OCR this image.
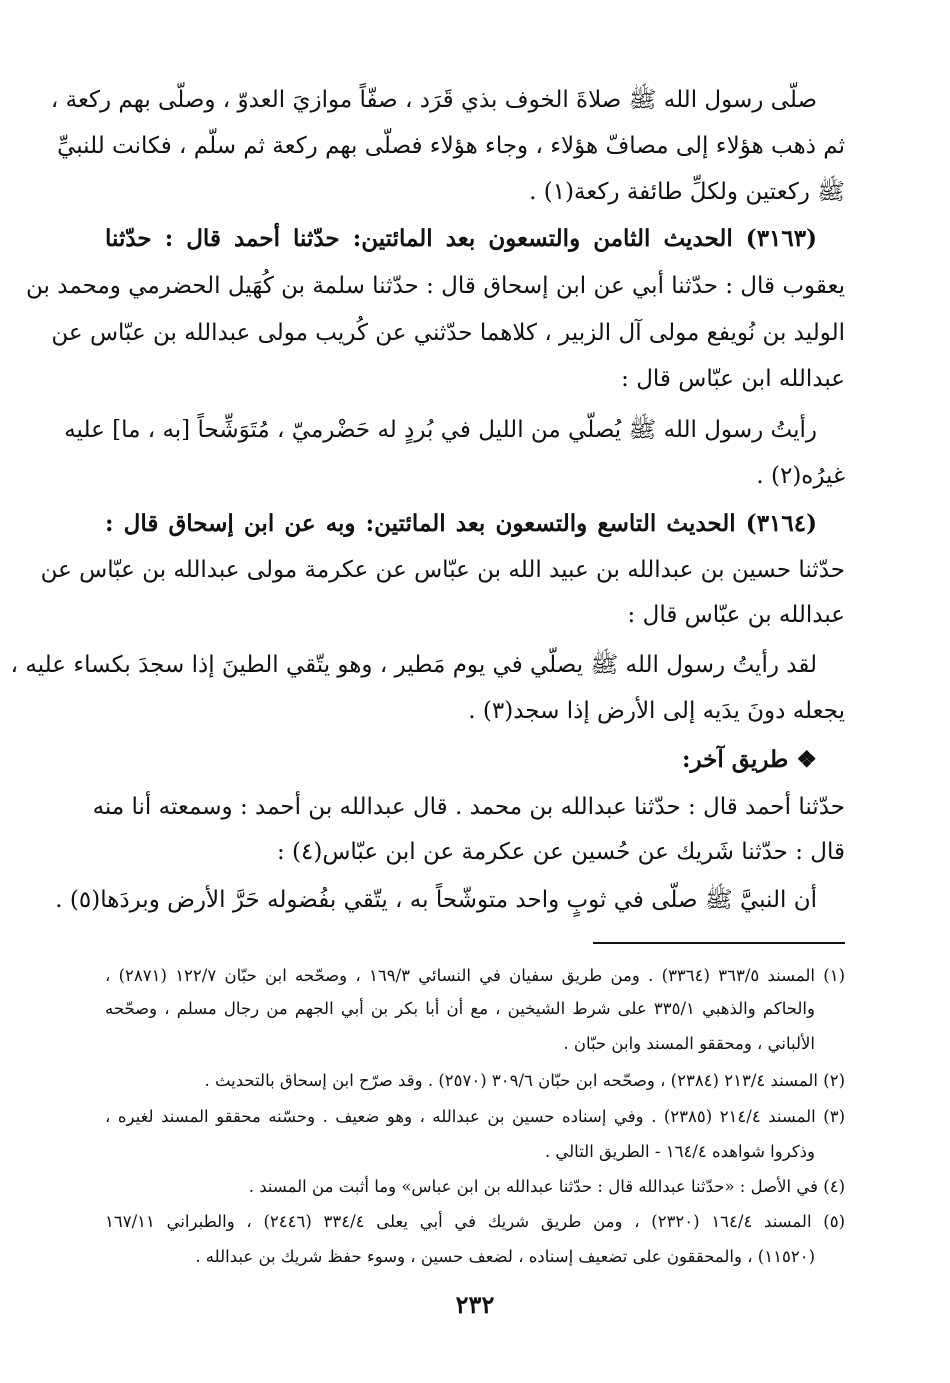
صلّى رسول الله ﷺ صلاةَ الخوف بذي قَرَد ، صفّاً موازيَ العدوّ ، وصلّى بهم ركعة ،
ثم ذهب هؤلاء إلى مصافّ هؤلاء ، وجاء هؤلاء فصلّى بهم ركعة ثم سلّم ، فكانت للنبيِّ
ﷺ ركعتين ولكلِّ طائفة ركعة(١) .
(٣١٦٣) الحديث الثامن والتسعون بعد المائتين: حدّثنا أحمد قال : حدّثنا
يعقوب قال : حدّثنا أبي عن ابن إسحاق قال : حدّثنا سلمة بن كُهَيل الحضرمي ومحمد بن
الوليد بن نُويفع مولى آل الزبير ، كلاهما حدّثني عن كُريب مولى عبدالله بن عبّاس عن
عبدالله ابن عبّاس قال :
رأيتُ رسول الله ﷺ يُصلّي من الليل في بُردٍ له حَضْرميّ ، مُتَوَشِّحاً [به ، ما] عليه
غيرُه(٢) .
(٣١٦٤) الحديث التاسع والتسعون بعد المائتين: وبه عن ابن إسحاق قال :
حدّثنا حسين بن عبدالله بن عبيد الله بن عبّاس عن عكرمة مولى عبدالله بن عبّاس عن
عبدالله بن عبّاس قال :
لقد رأيتُ رسول الله ﷺ يصلّي في يوم مَطير ، وهو يتّقي الطينَ إذا سجدَ بكساء عليه ،
يجعله دونَ يدَيه إلى الأرض إذا سجد(٣) .
❖ طريق آخر:
حدّثنا أحمد قال : حدّثنا عبدالله بن محمد . قال عبدالله بن أحمد : وسمعته أنا منه
قال : حدّثنا شَريك عن حُسين عن عكرمة عن ابن عبّاس(٤) :
أن النبيَّ ﷺ صلّى في ثوبٍ واحد متوشّحاً به ، يتّقي بفُضوله حَرَّ الأرض وبردَها(٥) .
(١) المسند ٣٦٣/٥ (٣٣٦٤) . ومن طريق سفيان في النسائي ١٦٩/٣ ، وصحّحه ابن حبّان ١٢٢/٧ (٢٨٧١) ،
والحاكم والذهبي ٣٣٥/١ على شرط الشيخين ، مع أن أبا بكر بن أبي الجهم من رجال مسلم ، وصحّحه
الألباني ، ومحققو المسند وابن حبّان .
(٢) المسند ٢١٣/٤ (٢٣٨٤) ، وصحّحه ابن حبّان ٣٠٩/٦ (٢٥٧٠) . وقد صرّح ابن إسحاق بالتحديث .
(٣) المسند ٢١٤/٤ (٢٣٨٥) . وفي إسناده حسين بن عبدالله ، وهو ضعيف . وحسّنه محققو المسند لغيره ،
وذكروا شواهده ١٦٤/٤ - الطريق التالي .
(٤) في الأصل : «حدّثنا عبدالله قال : حدّثنا عبدالله بن ابن عباس» وما أثبت من المسند .
(٥) المسند ١٦٤/٤ (٢٣٢٠) ، ومن طريق شريك في أبي يعلى ٣٣٤/٤ (٢٤٤٦) ، والطبراني ١٦٧/١١
(١١٥٢٠) ، والمحققون على تضعيف إسناده ، لضعف حسين ، وسوء حفظ شريك بن عبدالله .
٢٣٢
